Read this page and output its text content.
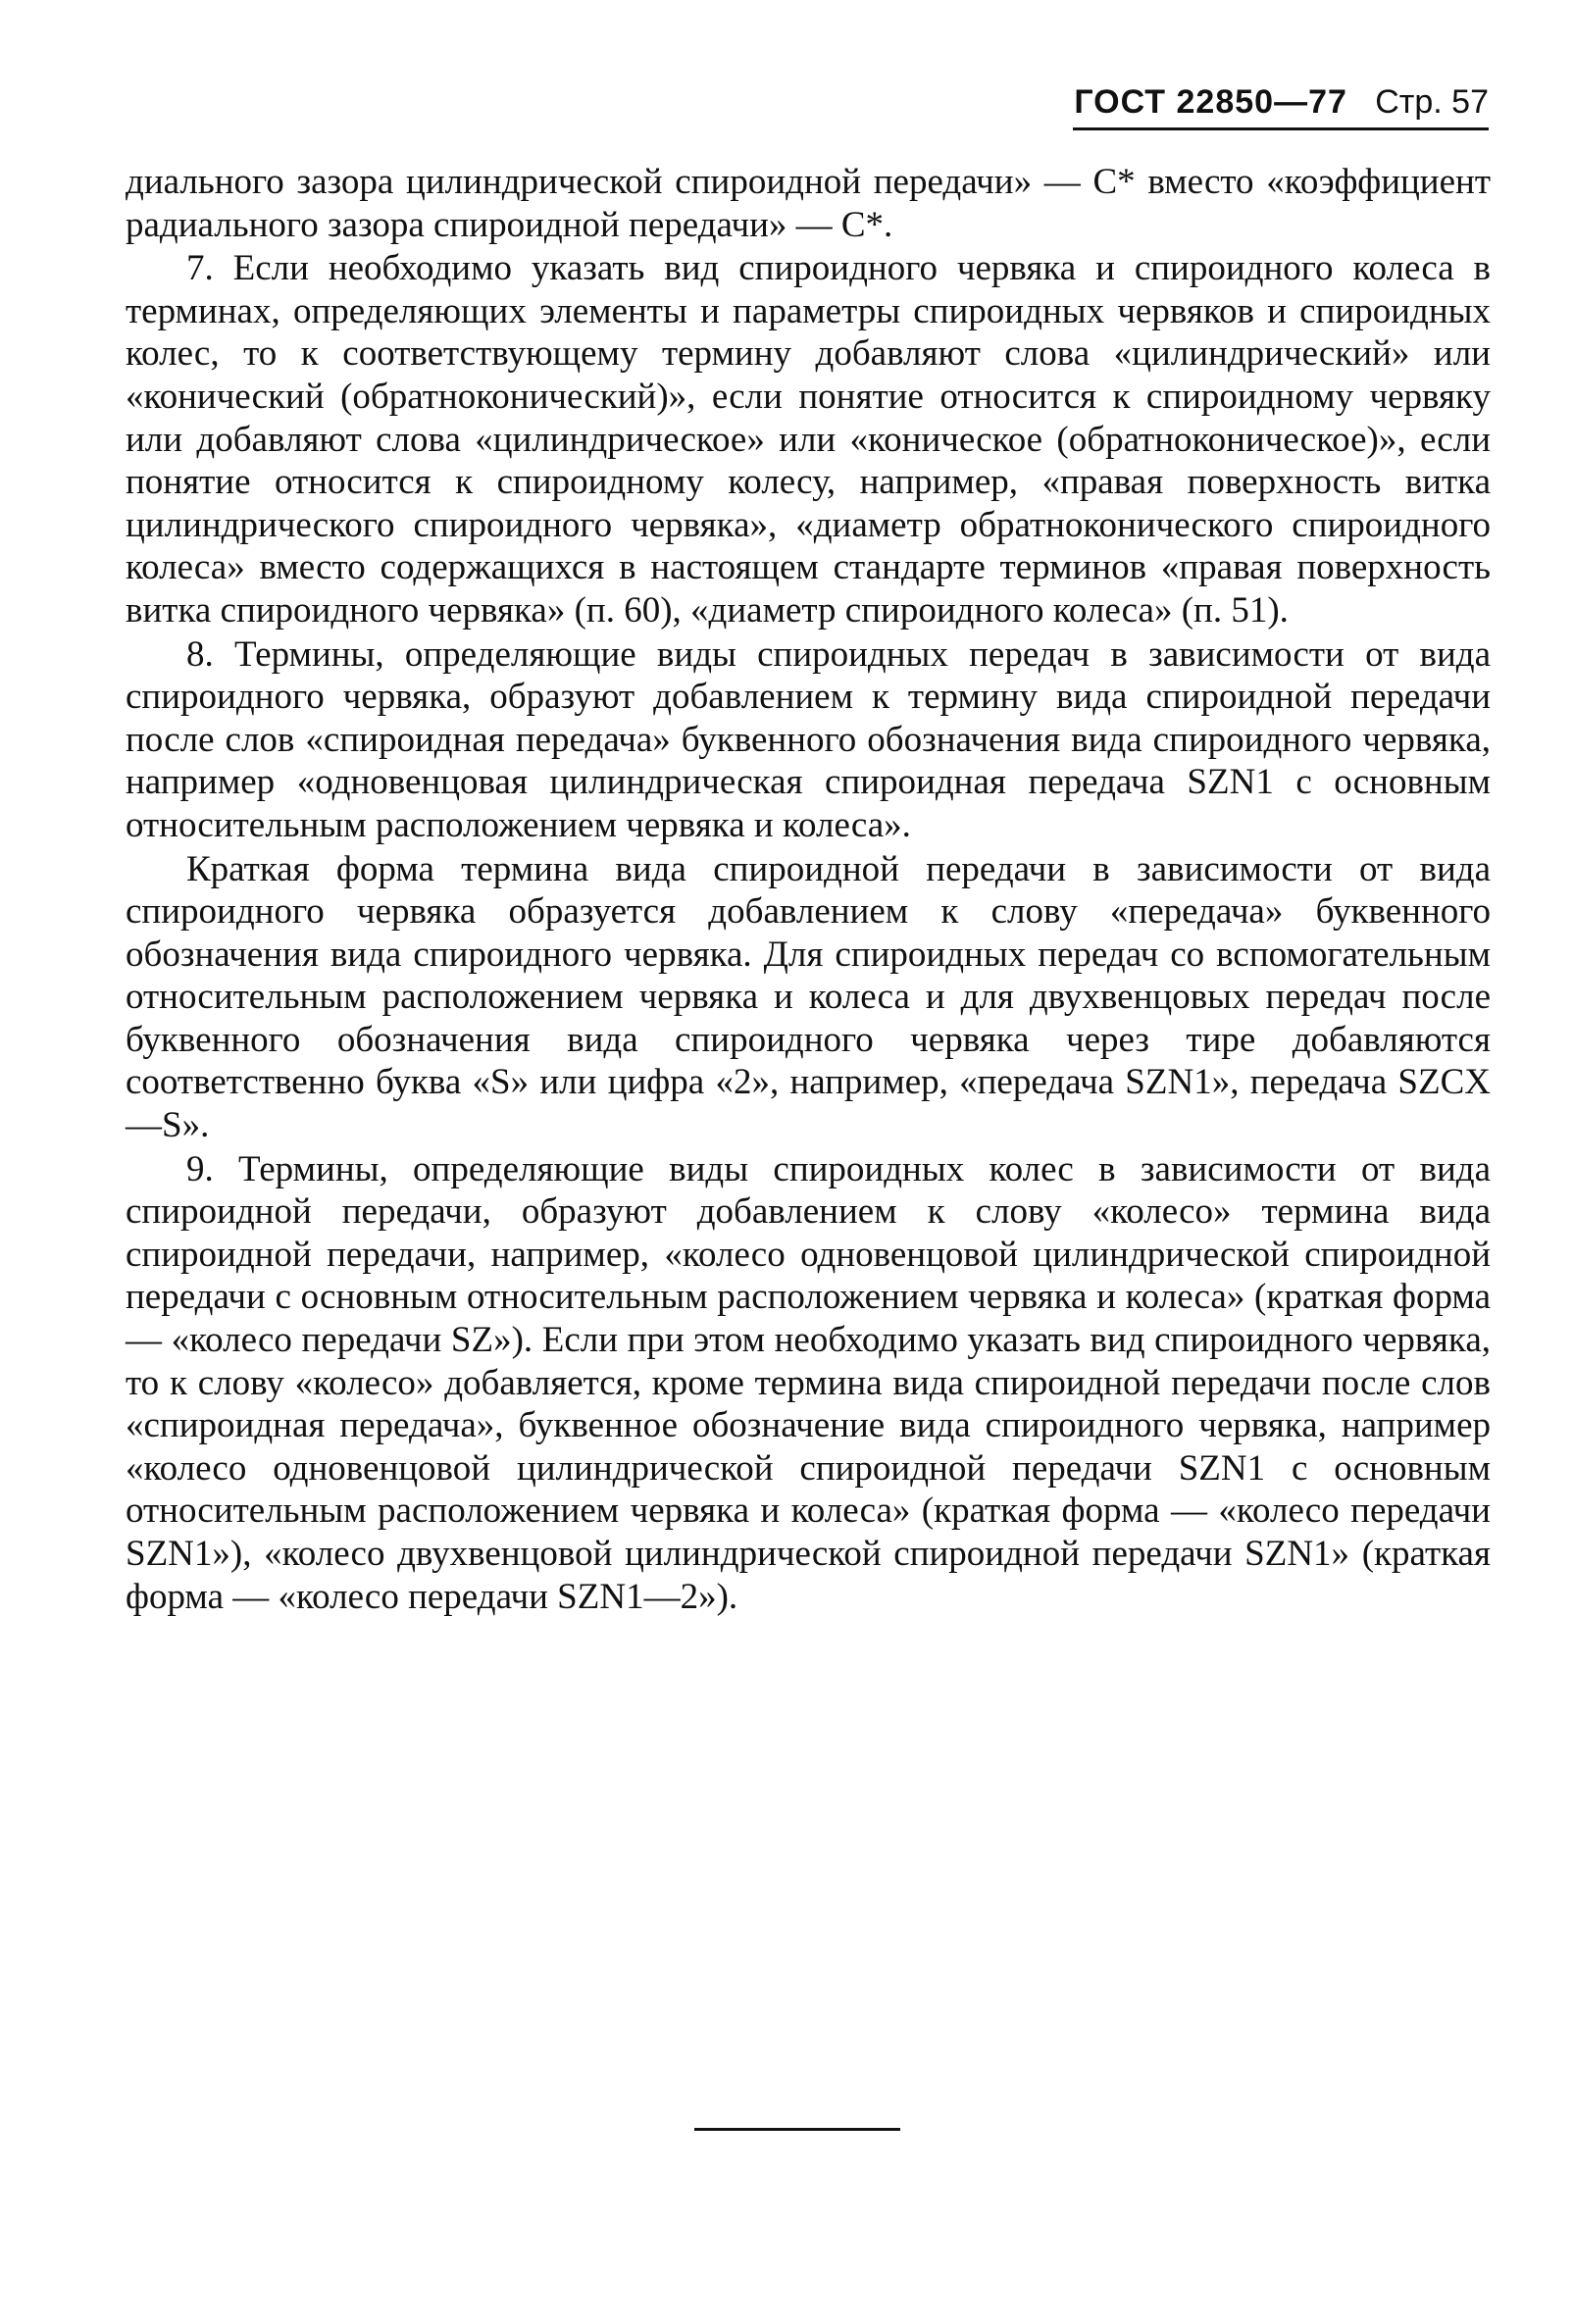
ГОСТ 22850—77 Стр. 57

диального зазора цилиндрической спироидной передачи» — С* вместо «коэффициент радиального зазора спироидной передачи» — С*.

7. Если необходимо указать вид спироидного червяка и спироидного колеса в терминах, определяющих элементы и параметры спироидных червяков и спироидных колес, то к соответствующему термину добавляют слова «цилиндрический» или «конический (обратноконический)», если понятие относится к спироидному червяку или добавляют слова «цилиндрическое» или «коническое (обратноконическое)», если понятие относится к спироидному колесу, например, «правая поверхность витка цилиндрического спироидного червяка», «диаметр обратноконического спироидного колеса» вместо содержащихся в настоящем стандарте терминов «правая поверхность витка спироидного червяка» (п. 60), «диаметр спироидного колеса» (п. 51).

8. Термины, определяющие виды спироидных передач в зависимости от вида спироидного червяка, образуют добавлением к термину вида спироидной передачи после слов «спироидная передача» буквенного обозначения вида спироидного червяка, например «одновенцовая цилиндрическая спироидная передача SZN1 с основным относительным расположением червяка и колеса».

Краткая форма термина вида спироидной передачи в зависимости от вида спироидного червяка образуется добавлением к слову «передача» буквенного обозначения вида спироидного червяка. Для спироидных передач со вспомогательным относительным расположением червяка и колеса и для двухвенцовых передач после буквенного обозначения вида спироидного червяка через тире добавляются соответственно буква «S» или цифра «2», например, «передача SZN1», передача SZCX—S».

9. Термины, определяющие виды спироидных колес в зависимости от вида спироидной передачи, образуют добавлением к слову «колесо» термина вида спироидной передачи, например, «колесо одновенцовой цилиндрической спироидной передачи с основным относительным расположением червяка и колеса» (краткая форма — «колесо передачи SZ»). Если при этом необходимо указать вид спироидного червяка, то к слову «колесо» добавляется, кроме термина вида спироидной передачи после слов «спироидная передача», буквенное обозначение вида спироидного червяка, например «колесо одновенцовой цилиндрической спироидной передачи SZN1 с основным относительным расположением червяка и колеса» (краткая форма — «колесо передачи SZN1»), «колесо двухвенцовой цилиндрической спироидной передачи SZN1» (краткая форма — «колесо передачи SZN1—2»).
